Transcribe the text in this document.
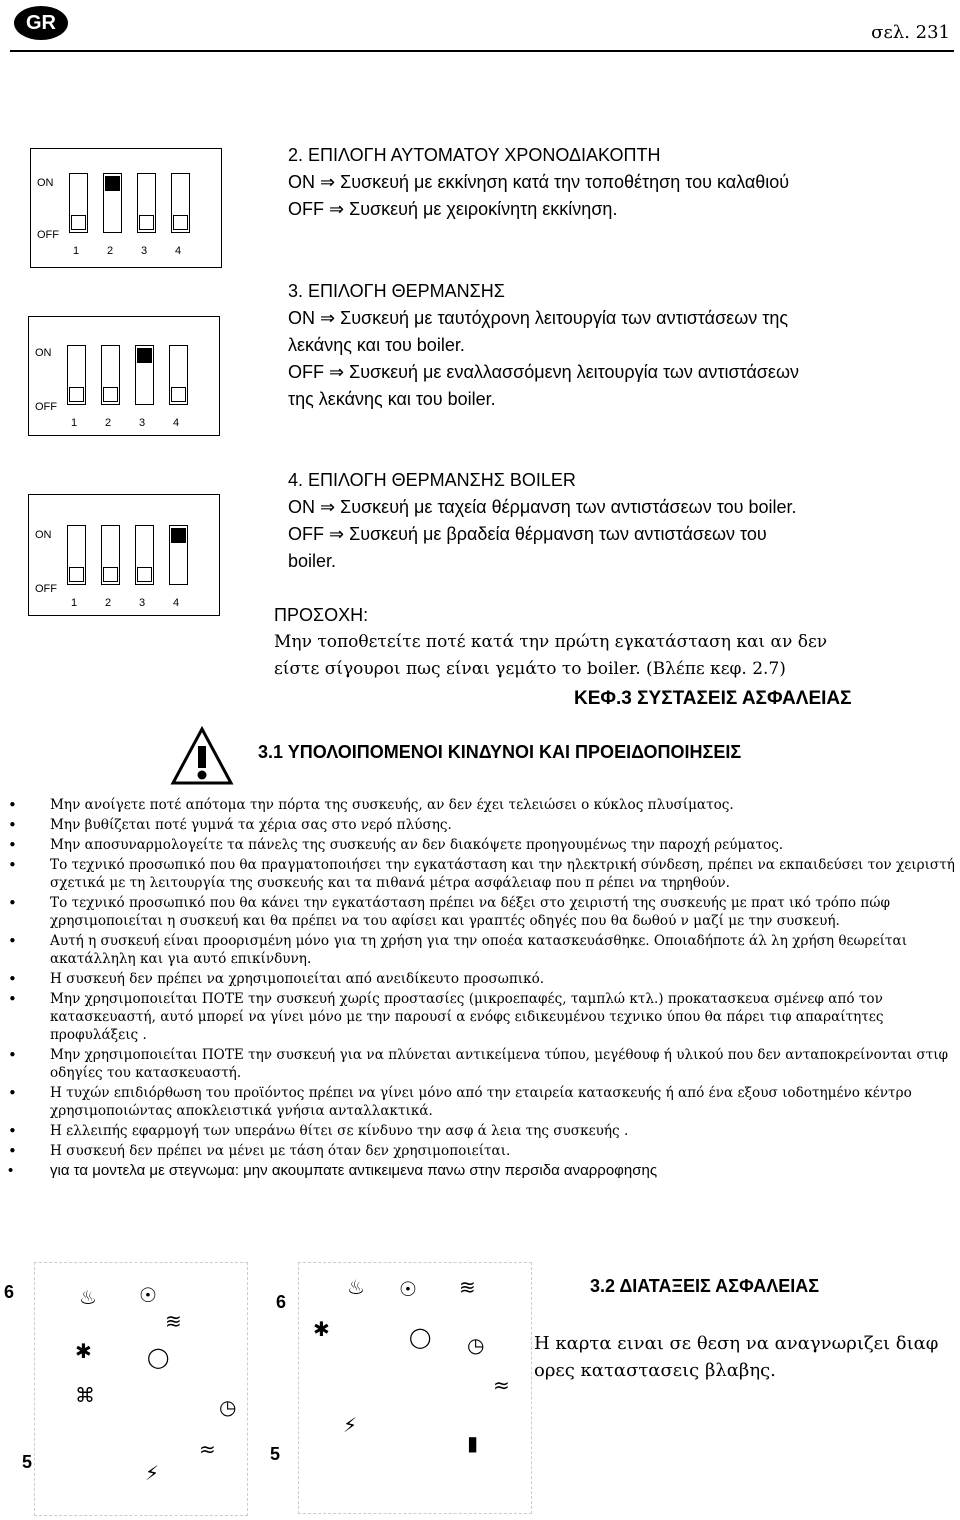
GR	σελ. 231
ON
OFF
1	2	3	4
2. ΕΠΙΛΟΓΗ ΑΥΤΟΜΑΤΟΥ ΧΡΟΝΟΔΙΑΚΟΠΤΗ
ON ⇒ Συσκευή με εκκίνηση κατά την τοποθέτηση του καλαθιού
OFF ⇒ Συσκευή με χειροκίνητη εκκίνηση.
ON
OFF
1	2	3	4
3. ΕΠΙΛΟΓΗ ΘΕΡΜΑΝΣΗΣ
ON ⇒ Συσκευή με ταυτόχρονη λειτουργία των αντιστάσεων της
λεκάνης και του boiler.
OFF ⇒ Συσκευή με εναλλασσόμενη λειτουργία των αντιστάσεων
της λεκάνης και του boiler.
ON
OFF
1	2	3	4
4. ΕΠΙΛΟΓΗ ΘΕΡΜΑΝΣΗΣ BOILER
ON ⇒ Συσκευή με ταχεία θέρμανση των αντιστάσεων του boiler.
OFF ⇒ Συσκευή με βραδεία θέρμανση των αντιστάσεων του
boiler.
ΠΡΟΣΟΧΗ:
Μην τοποθετείτε ποτέ κατά την πρώτη εγκατάσταση και αν δεν
είστε σίγουροι πως είναι γεμάτο το boiler. (Βλέπε κεφ. 2.7)
ΚΕΦ.3 ΣΥΣΤΑΣΕΙΣ ΑΣΦΑΛΕΙΑΣ
3.1 ΥΠΟΛΟΙΠΟΜΕΝΟΙ ΚΙΝΔΥΝΟΙ ΚΑΙ ΠΡΟΕΙΔΟΠΟΙΗΣΕΙΣ
• Μην ανοίγετε ποτέ απότομα την πόρτα της συσκευής, αν δεν έχει τελειώσει ο κύκλος πλυσίματος.
• Μην βυθίζεται ποτέ γυμνά τα χέρια σας στο νερό πλύσης.
• Μην αποσυναρμολογείτε τα πάνελς της συσκευής αν δεν διακόψετε προηγουμένως την παροχή ρεύματος.
• Το τεχνικό προσωπικό που θα πραγματοποιήσει την εγκατάσταση και την ηλεκτρική σύνδεση, πρέπει να εκπαιδεύσει τον χειριστή σχετικά με τη λειτουργία της συσκευής και τα πιθανά μέτρα ασφάλειαφ που π ρέπει να τηρηθούν.
• Το τεχνικό προσωπικό που θα κάνει την εγκατάσταση πρέπει να δέξει στο χειριστή της συσκευής με πρατ ικό τρόπο πώφ χρησιμοποιείται η συσκευή και θα πρέπει να του αφίσει και γραπτές οδηγές που θα δωθού ν μαζί με την συσκευή.
• Αυτή η συσκευή είναι προορισμένη μόνο για τη χρήση για την οποέα κατασκευάσθηκε. Οποιαδήποτε άλ λη χρήση θεωρείται ακατάλληλη και γιa αυτό επικίνδυνη.
• Η συσκευή δεν πρέπει να χρησιμοποιείται από ανειδίκευτο προσωπικό.
• Μην χρησιμοποιείται ΠΟΤΕ την συσκευή χωρίς προστασίες (μικροεπαφές, ταμπλώ κτλ.) προκατασκευα σμένεφ από τον κατασκευαστή, αυτό μπορεί να γίνει μόνο με την παρουσί α ενόφς ειδικευμένου τεχνικο ύπου θα πάρει τιφ απαραίτητες προφυλάξεις .
• Μην χρησιμοποιείται ΠΟΤΕ την συσκευή για να πλύνεται αντικείμενα τύπου, μεγέθουφ ή υλικού που δεν ανταποκρείνονται στιφ οδηγίες του κατασκευαστή.
• Η τυχών επιδιόρθωση του προϊόντος πρέπει να γίνει μόνο από την εταιρεία κατασκευής ή από ένα εξουσ ιοδοτημένο κέντρο χρησιμοποιώντας αποκλειστικά γνήσια ανταλλακτικά.
• Η ελλειπής εφαρμογή των υπεράνω θίτει σε κίνδυνο την ασφ ά λεια της συσκευής .
• Η συσκευή δεν πρέπει να μένει με τάση όταν δεν χρησιμοποιείται.
• για τα μοντελα με στεγνωμα: μην ακουμπατε αντικειμενα πανω στην περσιδα αναρροφησης
6
5
♨ ☉
≋
✱	◯
⌘	◷
≈
⚡
6
5
♨ ☉ ≋
✱	◯ ◷
≈
⚡
▮
3.2 ΔΙΑΤΑΞΕΙΣ ΑΣΦΑΛΕΙΑΣ
Η καρτα ειναι σε θεση να αναγνωριζει διαφ
ορες καταστασεις βλαβης.
